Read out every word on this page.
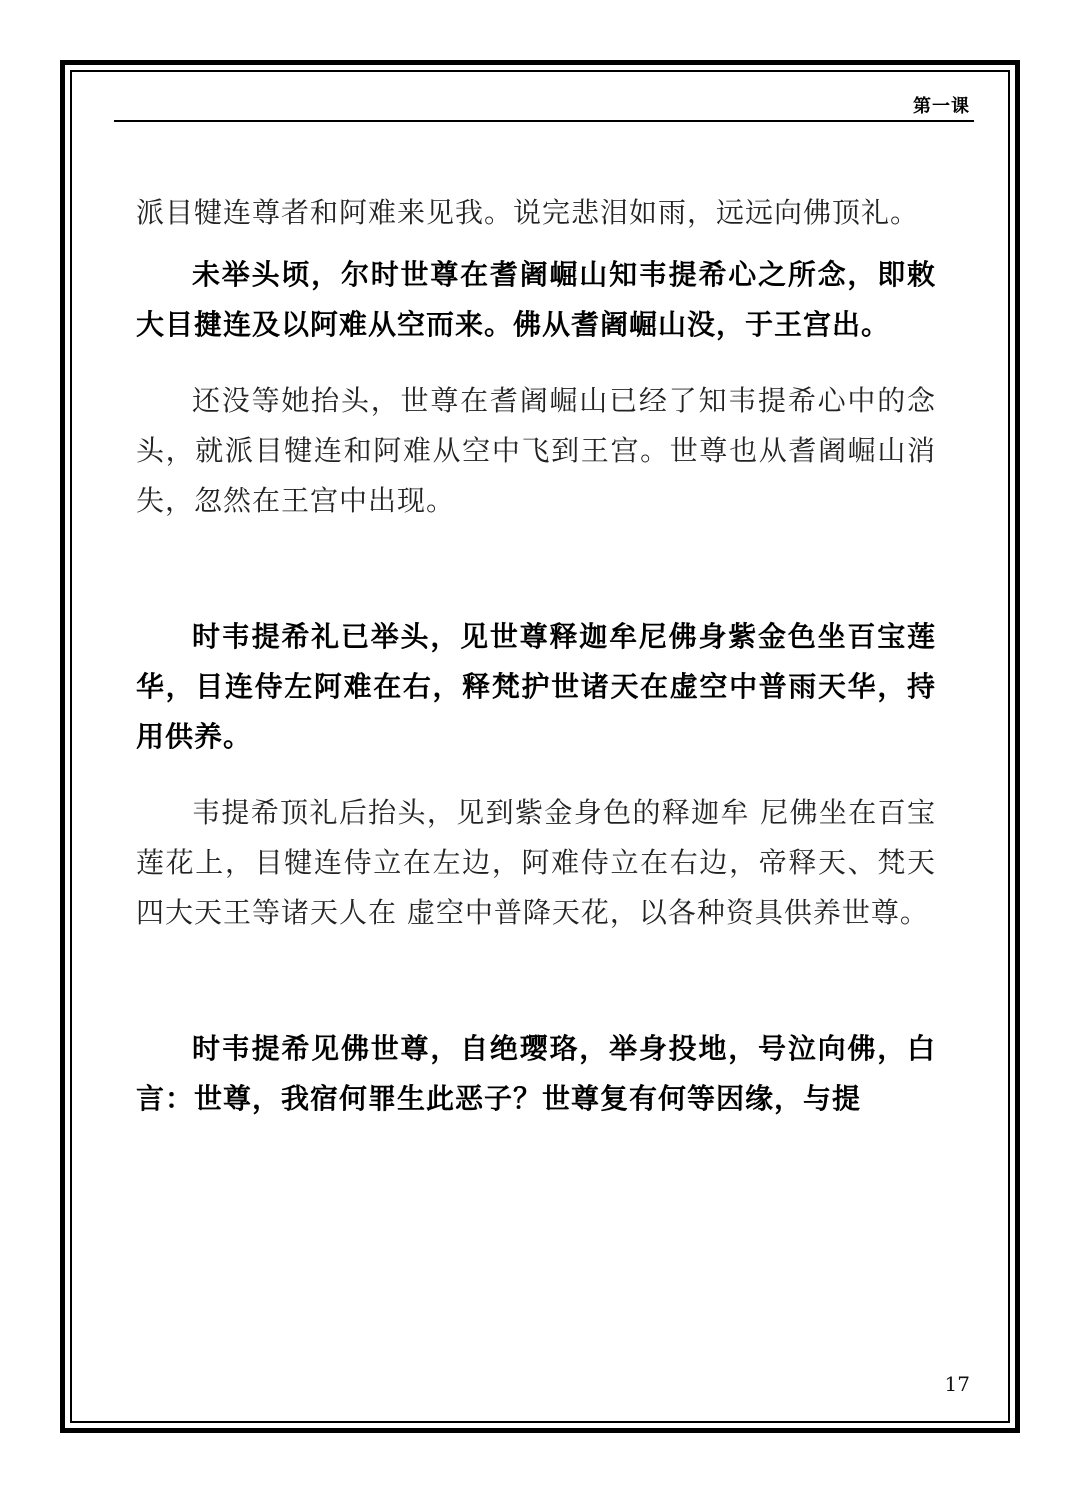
第一课

派目犍连尊者和阿难来见我。说完悲泪如雨，远远向佛顶礼。

未举头顷，尔时世尊在耆阇崛山知韦提希心之所念，即敕大目揵连及以阿难从空而来。佛从耆阇崛山没，于王宫出。

还没等她抬头，世尊在耆阇崛山已经了知韦提希心中的念头，就派目犍连和阿难从空中飞到王宫。世尊也从耆阇崛山消失，忽然在王宫中出现。

时韦提希礼已举头，见世尊释迦牟尼佛身紫金色坐百宝莲华，目连侍左阿难在右，释梵护世诸天在虚空中普雨天华，持用供养。

韦提希顶礼后抬头，见到紫金身色的释迦牟 尼佛坐在百宝莲花上，目犍连侍立在左边，阿难侍立在右边，帝释天、梵天四大天王等诸天人在 虚空中普降天花，以各种资具供养世尊。

时韦提希见佛世尊，自绝璎珞，举身投地，号泣向佛，白言：世尊，我宿何罪生此恶子？世尊复有何等因缘，与提

17
